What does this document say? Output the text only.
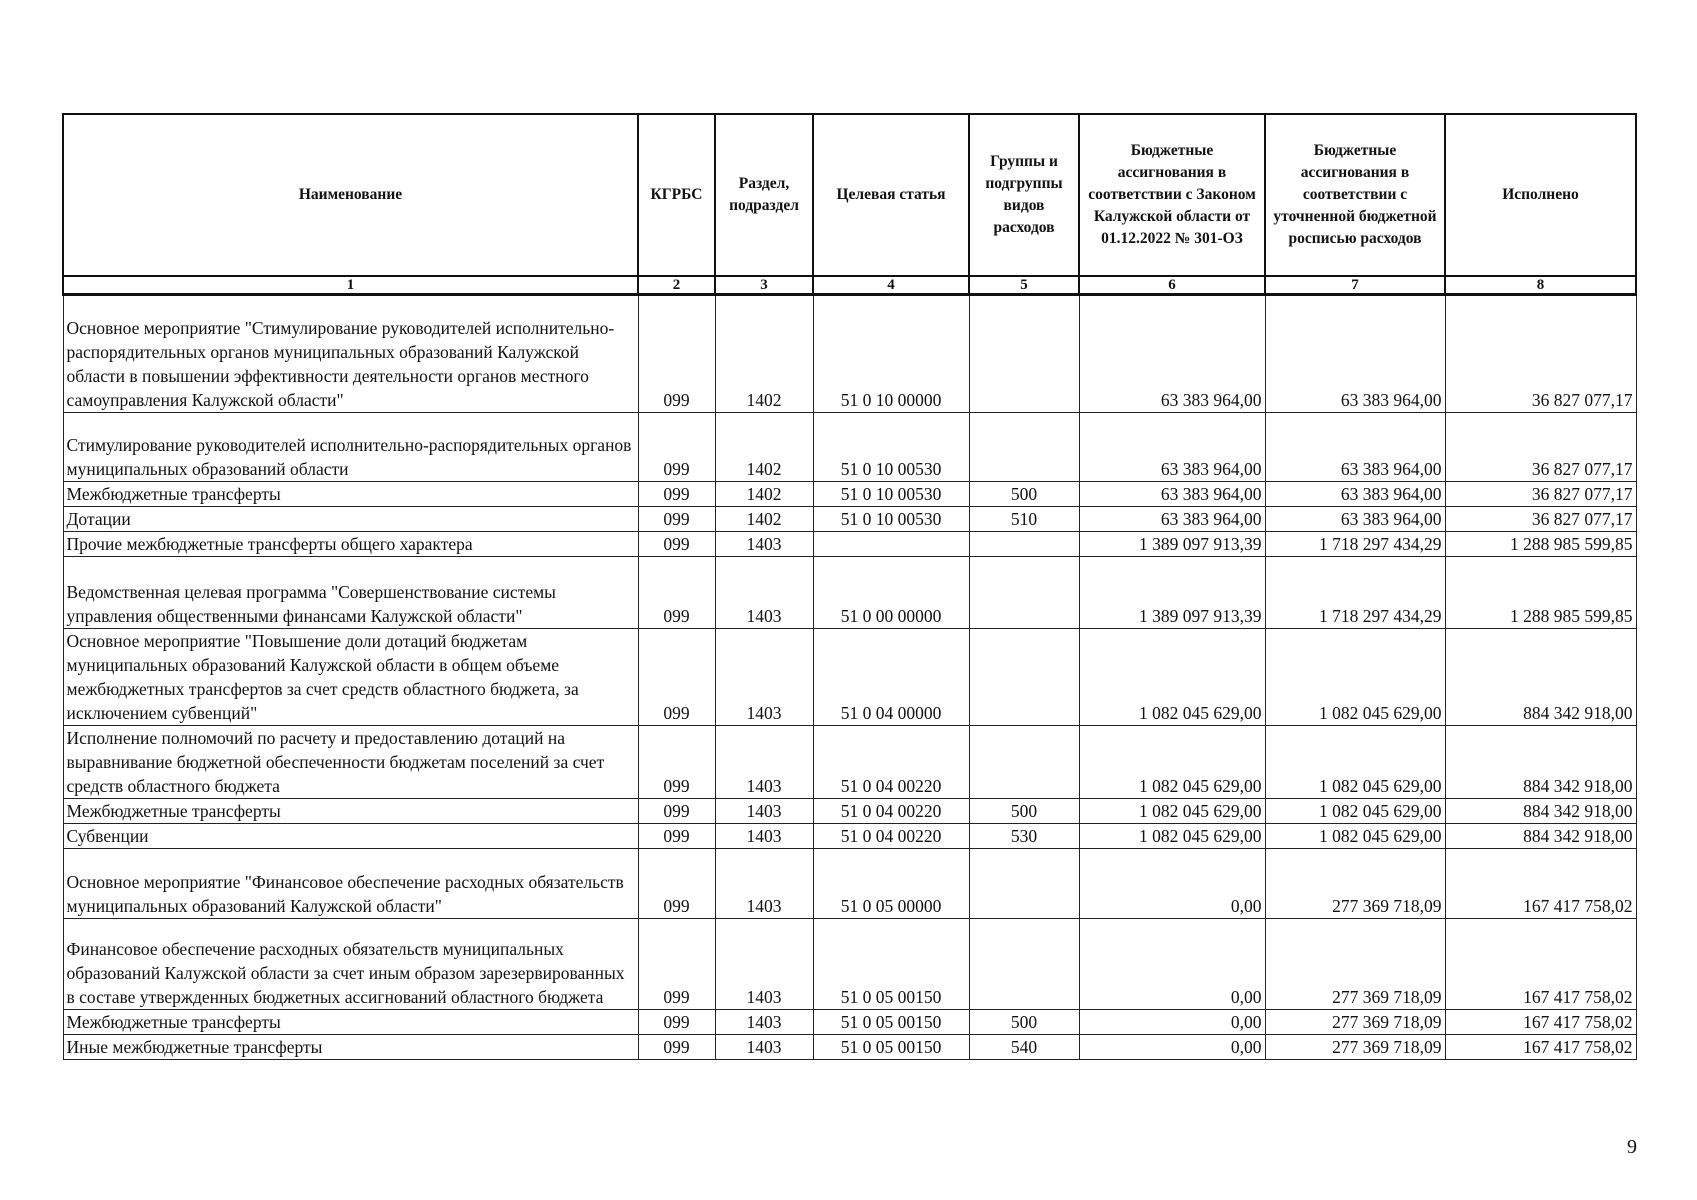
Наименование	КГРБС	Раздел, подраздел	Целевая статья	Группы и подгруппы видов расходов	Бюджетные ассигнования в соответствии с Законом Калужской области от 01.12.2022 № 301-ОЗ	Бюджетные ассигнования в соответствии с уточненной бюджетной росписью расходов	Исполнено
1	2	3	4	5	6	7	8
Основное мероприятие "Стимулирование руководителей исполнительно-распорядительных органов муниципальных образований Калужской области в повышении эффективности деятельности органов местного самоуправления Калужской области"	099	1402	51 0 10 00000		63 383 964,00	63 383 964,00	36 827 077,17
Стимулирование руководителей исполнительно-распорядительных органов муниципальных образований области	099	1402	51 0 10 00530		63 383 964,00	63 383 964,00	36 827 077,17
Межбюджетные трансферты	099	1402	51 0 10 00530	500	63 383 964,00	63 383 964,00	36 827 077,17
Дотации	099	1402	51 0 10 00530	510	63 383 964,00	63 383 964,00	36 827 077,17
Прочие межбюджетные трансферты общего характера	099	1403			1 389 097 913,39	1 718 297 434,29	1 288 985 599,85
Ведомственная целевая программа "Совершенствование системы управления общественными финансами Калужской области"	099	1403	51 0 00 00000		1 389 097 913,39	1 718 297 434,29	1 288 985 599,85
Основное мероприятие "Повышение доли дотаций бюджетам муниципальных образований Калужской области в общем объеме межбюджетных трансфертов за счет средств областного бюджета, за исключением субвенций"	099	1403	51 0 04 00000		1 082 045 629,00	1 082 045 629,00	884 342 918,00
Исполнение полномочий по расчету и предоставлению дотаций на выравнивание бюджетной обеспеченности бюджетам поселений за счет средств областного бюджета	099	1403	51 0 04 00220		1 082 045 629,00	1 082 045 629,00	884 342 918,00
Межбюджетные трансферты	099	1403	51 0 04 00220	500	1 082 045 629,00	1 082 045 629,00	884 342 918,00
Субвенции	099	1403	51 0 04 00220	530	1 082 045 629,00	1 082 045 629,00	884 342 918,00
Основное мероприятие "Финансовое обеспечение расходных обязательств муниципальных образований Калужской области"	099	1403	51 0 05 00000		0,00	277 369 718,09	167 417 758,02
Финансовое обеспечение расходных обязательств муниципальных образований Калужской области за счет иным образом зарезервированных в составе утвержденных бюджетных ассигнований областного бюджета	099	1403	51 0 05 00150		0,00	277 369 718,09	167 417 758,02
Межбюджетные трансферты	099	1403	51 0 05 00150	500	0,00	277 369 718,09	167 417 758,02
Иные межбюджетные трансферты	099	1403	51 0 05 00150	540	0,00	277 369 718,09	167 417 758,02
9
